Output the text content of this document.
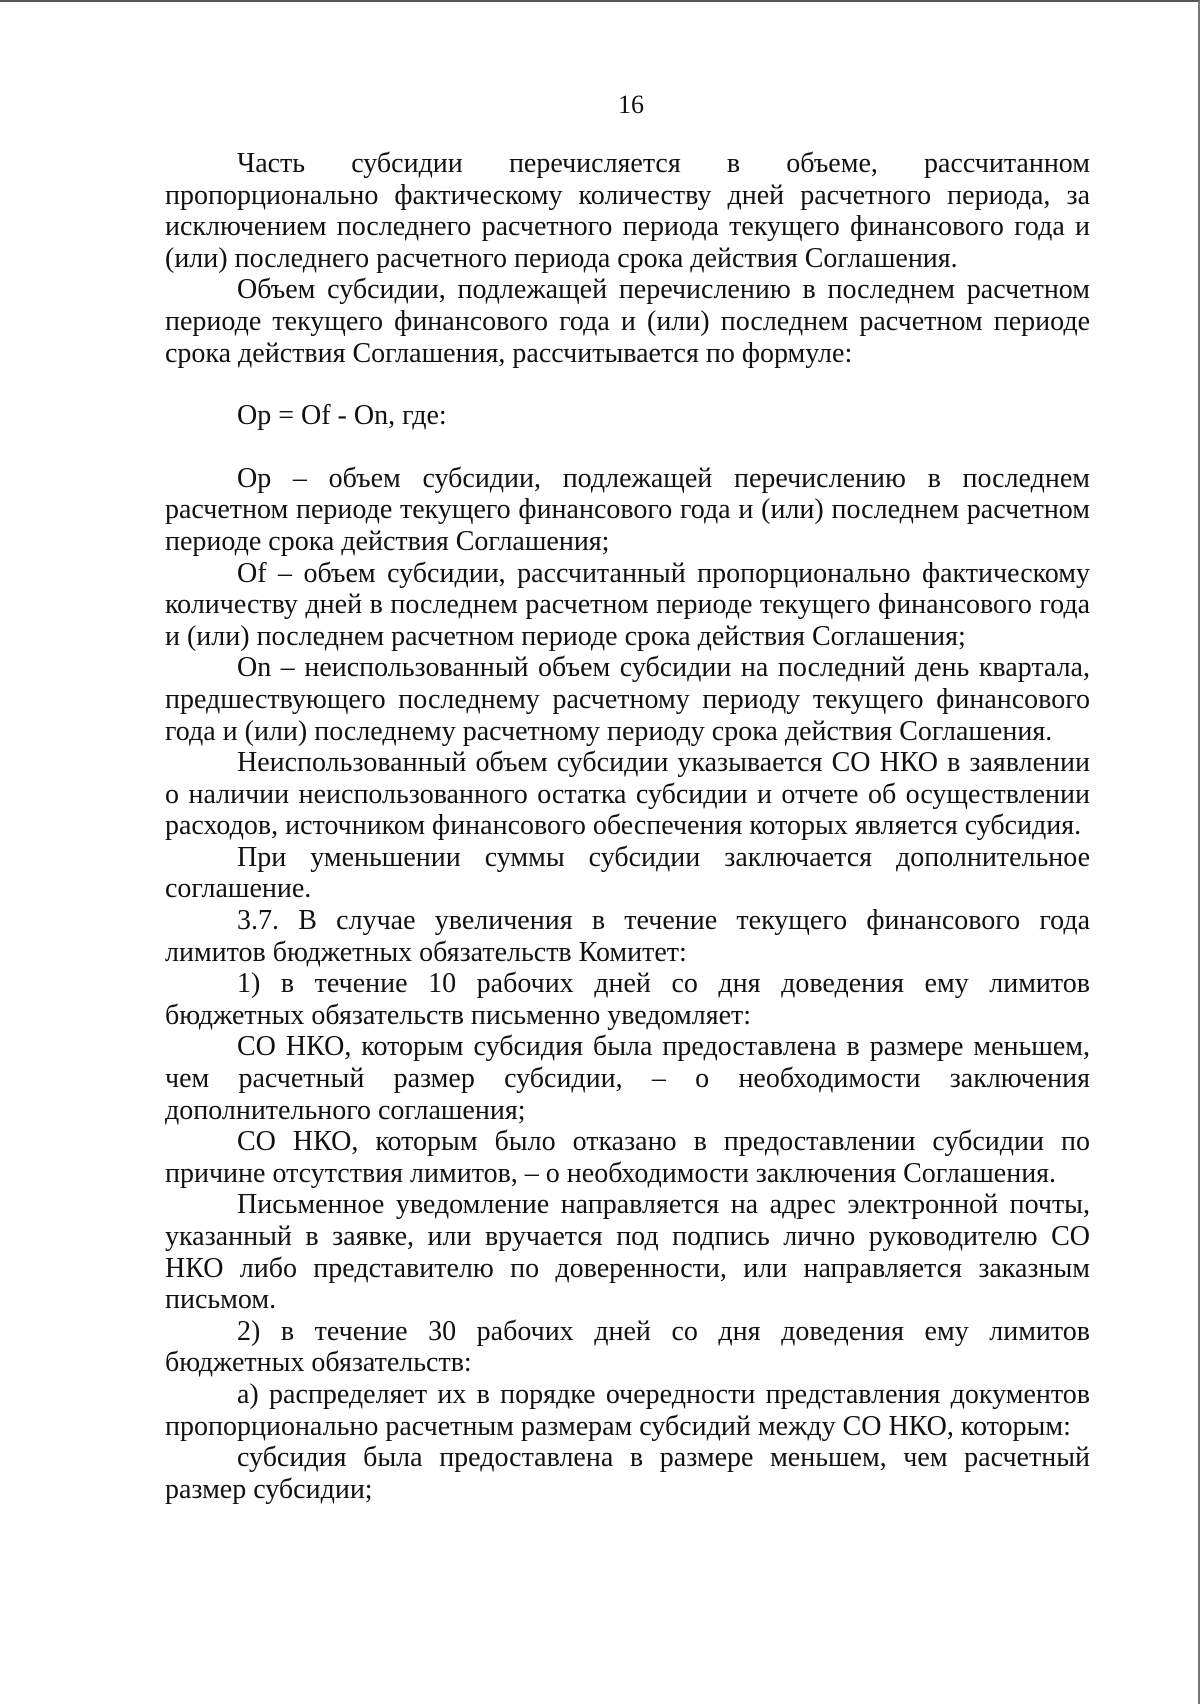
16

Часть субсидии перечисляется в объеме, рассчитанном пропорционально фактическому количеству дней расчетного периода, за исключением последнего расчетного периода текущего финансового года и (или) последнего расчетного периода срока действия Соглашения.

Объем субсидии, подлежащей перечислению в последнем расчетном периоде текущего финансового года и (или) последнем расчетном периоде срока действия Соглашения, рассчитывается по формуле:

Op = Of - On, где:

Op – объем субсидии, подлежащей перечислению в последнем расчетном периоде текущего финансового года и (или) последнем расчетном периоде срока действия Соглашения;

Of – объем субсидии, рассчитанный пропорционально фактическому количеству дней в последнем расчетном периоде текущего финансового года и (или) последнем расчетном периоде срока действия Соглашения;

On – неиспользованный объем субсидии на последний день квартала, предшествующего последнему расчетному периоду текущего финансового года и (или) последнему расчетному периоду срока действия Соглашения.

Неиспользованный объем субсидии указывается СО НКО в заявлении о наличии неиспользованного остатка субсидии и отчете об осуществлении расходов, источником финансового обеспечения которых является субсидия.

При уменьшении суммы субсидии заключается дополнительное соглашение.

3.7. В случае увеличения в течение текущего финансового года лимитов бюджетных обязательств Комитет:

1) в течение 10 рабочих дней со дня доведения ему лимитов бюджетных обязательств письменно уведомляет:

СО НКО, которым субсидия была предоставлена в размере меньшем, чем расчетный размер субсидии, – о необходимости заключения дополнительного соглашения;

СО НКО, которым было отказано в предоставлении субсидии по причине отсутствия лимитов, – о необходимости заключения Соглашения.

Письменное уведомление направляется на адрес электронной почты, указанный в заявке, или вручается под подпись лично руководителю СО НКО либо представителю по доверенности, или направляется заказным письмом.

2) в течение 30 рабочих дней со дня доведения ему лимитов бюджетных обязательств:

а) распределяет их в порядке очередности представления документов пропорционально расчетным размерам субсидий между СО НКО, которым:

субсидия была предоставлена в размере меньшем, чем расчетный размер субсидии;
